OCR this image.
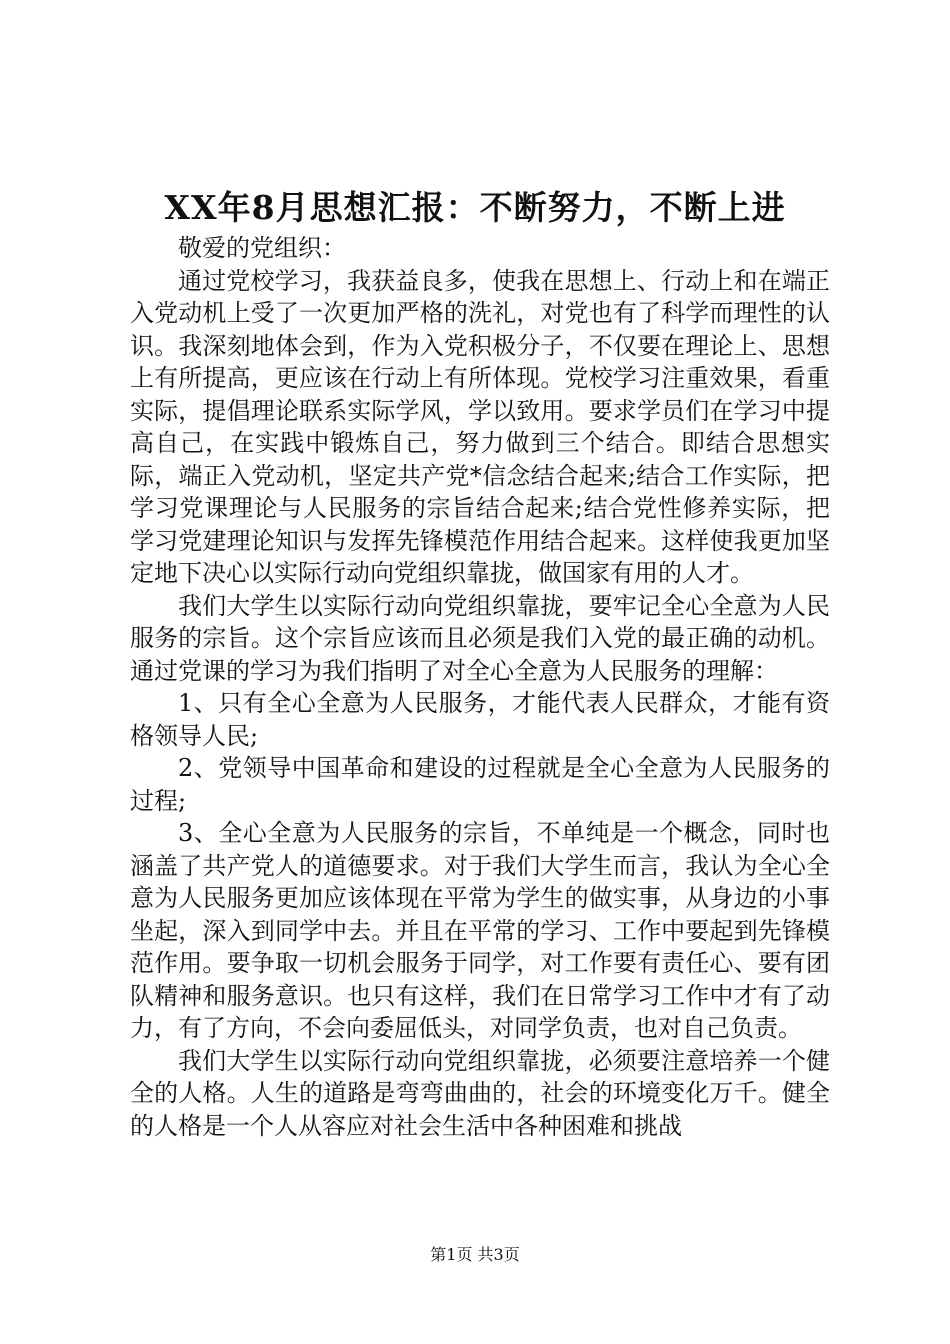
XX年8月思想汇报：不断努力，不断上进

敬爱的党组织：

通过党校学习，我获益良多，使我在思想上、行动上和在端正入党动机上受了一次更加严格的洗礼，对党也有了科学而理性的认识。我深刻地体会到，作为入党积极分子，不仅要在理论上、思想上有所提高，更应该在行动上有所体现。党校学习注重效果，看重实际，提倡理论联系实际学风，学以致用。要求学员们在学习中提高自己，在实践中锻炼自己，努力做到三个结合。即结合思想实际，端正入党动机，坚定共产党*信念结合起来;结合工作实际，把学习党课理论与人民服务的宗旨结合起来;结合党性修养实际，把学习党建理论知识与发挥先锋模范作用结合起来。这样使我更加坚定地下决心以实际行动向党组织靠拢，做国家有用的人才。

我们大学生以实际行动向党组织靠拢，要牢记全心全意为人民服务的宗旨。这个宗旨应该而且必须是我们入党的最正确的动机。通过党课的学习为我们指明了对全心全意为人民服务的理解：

1、只有全心全意为人民服务，才能代表人民群众，才能有资格领导人民;

2、党领导中国革命和建设的过程就是全心全意为人民服务的过程;

3、全心全意为人民服务的宗旨，不单纯是一个概念，同时也涵盖了共产党人的道德要求。对于我们大学生而言，我认为全心全意为人民服务更加应该体现在平常为学生的做实事，从身边的小事坐起，深入到同学中去。并且在平常的学习、工作中要起到先锋模范作用。要争取一切机会服务于同学，对工作要有责任心、要有团队精神和服务意识。也只有这样，我们在日常学习工作中才有了动力，有了方向，不会向委屈低头，对同学负责，也对自己负责。

我们大学生以实际行动向党组织靠拢，必须要注意培养一个健全的人格。人生的道路是弯弯曲曲的，社会的环境变化万千。健全的人格是一个人从容应对社会生活中各种困难和挑战

第1页 共3页
